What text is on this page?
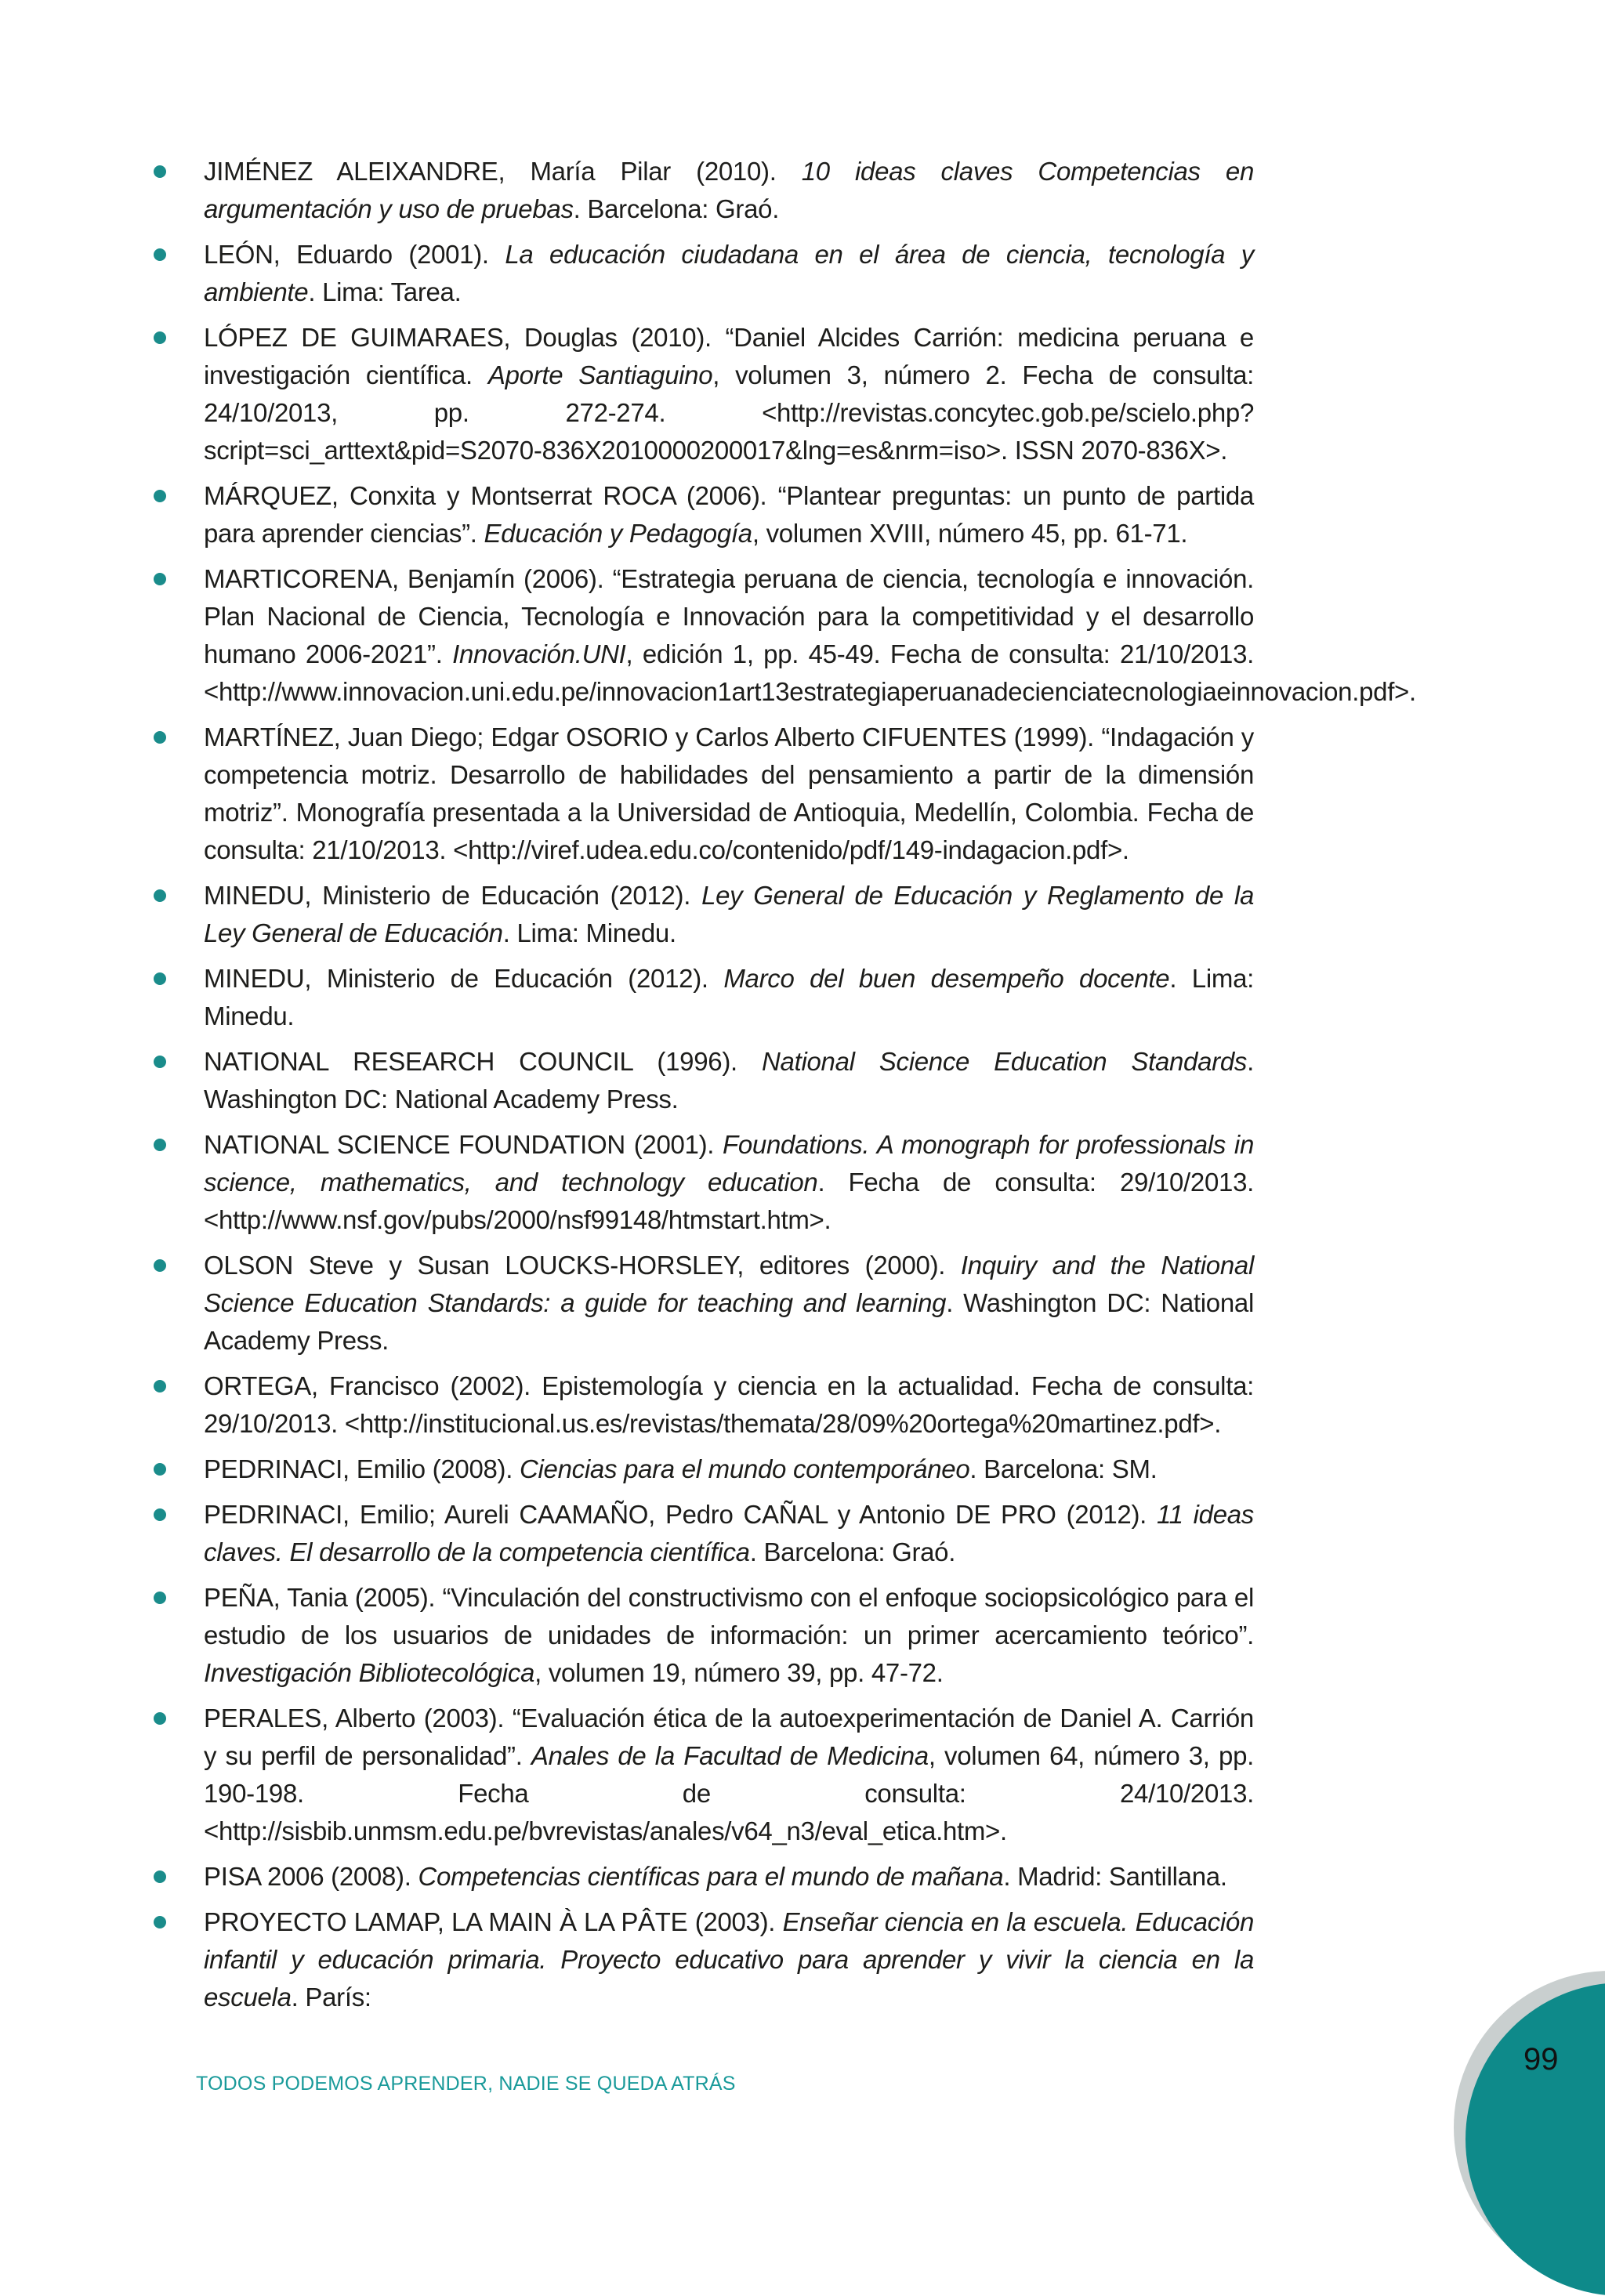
JIMÉNEZ ALEIXANDRE, María Pilar (2010). 10 ideas claves Competencias en argumentación y uso de pruebas. Barcelona: Graó.
LEÓN, Eduardo (2001). La educación ciudadana en el área de ciencia, tecnología y ambiente. Lima: Tarea.
LÓPEZ DE GUIMARAES, Douglas (2010). “Daniel Alcides Carrión: medicina peruana e investigación científica. Aporte Santiaguino, volumen 3, número 2. Fecha de consulta: 24/10/2013, pp. 272-274. <http://revistas.concytec.gob.pe/scielo.php?script=sci_arttext&pid=S2070-836X2010000200017&lng=es&nrm=iso>. ISSN 2070-836X>.
MÁRQUEZ, Conxita y Montserrat ROCA (2006). “Plantear preguntas: un punto de partida para aprender ciencias”. Educación y Pedagogía, volumen XVIII, número 45, pp. 61-71.
MARTICORENA, Benjamín (2006). “Estrategia peruana de ciencia, tecnología e innovación. Plan Nacional de Ciencia, Tecnología e Innovación para la competitividad y el desarrollo humano 2006-2021”. Innovación.UNI, edición 1, pp. 45-49. Fecha de consulta: 21/10/2013. <http://www.innovacion.uni.edu.pe/innovacion1art13estrategiaperuanadecienciatecnologiaeinnovacion.pdf>.
MARTÍNEZ, Juan Diego; Edgar OSORIO y Carlos Alberto CIFUENTES (1999). “Indagación y competencia motriz. Desarrollo de habilidades del pensamiento a partir de la dimensión motriz”. Monografía presentada a la Universidad de Antioquia, Medellín, Colombia. Fecha de consulta: 21/10/2013. <http://viref.udea.edu.co/contenido/pdf/149-indagacion.pdf>.
MINEDU, Ministerio de Educación (2012). Ley General de Educación y Reglamento de la Ley General de Educación. Lima: Minedu.
MINEDU, Ministerio de Educación (2012). Marco del buen desempeño docente. Lima: Minedu.
NATIONAL RESEARCH COUNCIL (1996). National Science Education Standards. Washington DC: National Academy Press.
NATIONAL SCIENCE FOUNDATION (2001). Foundations. A monograph for professionals in science, mathematics, and technology education. Fecha de consulta: 29/10/2013. <http://www.nsf.gov/pubs/2000/nsf99148/htmstart.htm>.
OLSON Steve y Susan LOUCKS-HORSLEY, editores (2000). Inquiry and the National Science Education Standards: a guide for teaching and learning. Washington DC: National Academy Press.
ORTEGA, Francisco (2002). Epistemología y ciencia en la actualidad. Fecha de consulta: 29/10/2013. <http://institucional.us.es/revistas/themata/28/09%20ortega%20martinez.pdf>.
PEDRINACI, Emilio (2008). Ciencias para el mundo contemporáneo. Barcelona: SM.
PEDRINACI, Emilio; Aureli CAAMAÑO, Pedro CAÑAL y Antonio DE PRO (2012). 11 ideas claves. El desarrollo de la competencia científica. Barcelona: Graó.
PEÑA, Tania (2005). “Vinculación del constructivismo con el enfoque sociopsicológico para el estudio de los usuarios de unidades de información: un primer acercamiento teórico”. Investigación Bibliotecológica, volumen 19, número 39, pp. 47-72.
PERALES, Alberto (2003). “Evaluación ética de la autoexperimentación de Daniel A. Carrión y su perfil de personalidad”. Anales de la Facultad de Medicina, volumen 64, número 3, pp. 190-198. Fecha de consulta: 24/10/2013. <http://sisbib.unmsm.edu.pe/bvrevistas/anales/v64_n3/eval_etica.htm>.
PISA 2006 (2008). Competencias científicas para el mundo de mañana. Madrid: Santillana.
PROYECTO LAMAP, LA MAIN À LA PÂTE (2003). Enseñar ciencia en la escuela. Educación infantil y educación primaria. Proyecto educativo para aprender y vivir la ciencia en la escuela. París:
99
TODOS PODEMOS APRENDER, NADIE SE QUEDA ATRÁS
